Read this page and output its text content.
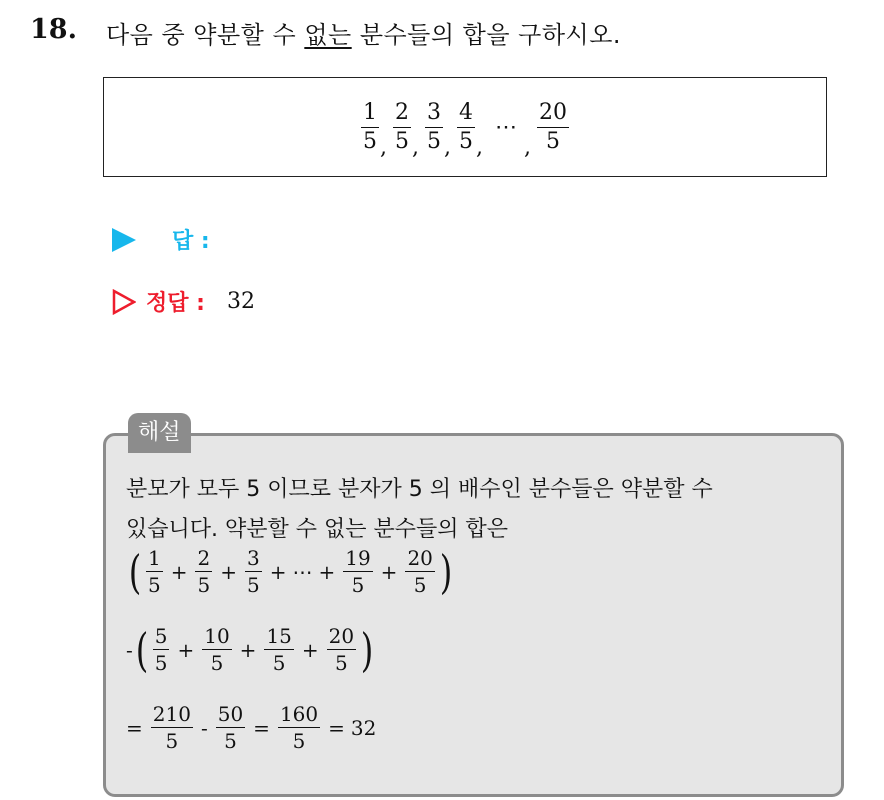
18. 다음 중 약분할 수 없는 분수들의 합을 구하시오.
$\frac{1}{5}$ , $\frac{2}{5}$ , $\frac{3}{5}$ , $\frac{4}{5}$ ,
⋯
, $\frac{20}{5}$
답 :
정답 : 32
해설
분모가 모두 5 이므로 분자가 5 의 배수인 분수들은 약분할 수
있습니다. 약분할 수 없는 분수들의 합은
( $\frac{1}{5} + \frac{2}{5} + \frac{3}{5}$ + ⋯ + $\frac{19}{5} + \frac{20}{5}$ )
- ( $\frac{5}{5} + \frac{10}{5} + \frac{15}{5} + \frac{20}{5}$ )
= $\frac{210}{5} - \frac{50}{5} = \frac{160}{5} = 32$
